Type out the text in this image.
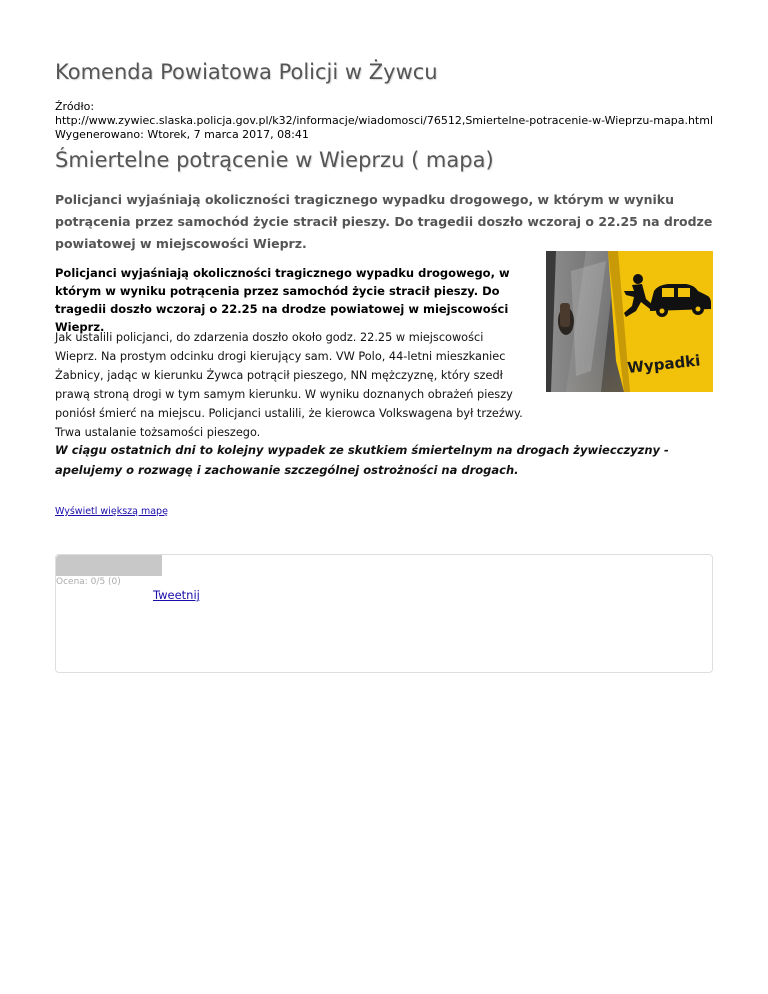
Komenda Powiatowa Policji w Żywcu
Źródło:
http://www.zywiec.slaska.policja.gov.pl/k32/informacje/wiadomosci/76512,Smiertelne-potracenie-w-Wieprzu-mapa.html
Wygenerowano: Wtorek, 7 marca 2017, 08:41
Śmiertelne potrącenie w Wieprzu ( mapa)
Policjanci wyjaśniają okoliczności tragicznego wypadku drogowego, w którym w wyniku potrącenia przez samochód życie stracił pieszy. Do tragedii doszło wczoraj o 22.25 na drodze powiatowej w miejscowości Wieprz.
Policjanci wyjaśniają okoliczności tragicznego wypadku drogowego, w którym w wyniku potrącenia przez samochód życie stracił pieszy. Do tragedii doszło wczoraj o 22.25 na drodze powiatowej w miejscowości Wieprz.
Wypadki
Jak ustalili policjanci, do zdarzenia doszło około godz. 22.25 w miejscowości Wieprz. Na prostym odcinku drogi kierujący sam. VW Polo, 44-letni mieszkaniec Żabnicy, jadąc w kierunku Żywca potrącił pieszego, NN mężczyznę, który szedł prawą stroną drogi w tym samym kierunku. W wyniku doznanych obrażeń pieszy poniósł śmierć na miejscu. Policjanci ustalili, że kierowca Volkswagena był trzeźwy. Trwa ustalanie tożsamości pieszego.
W ciągu ostatnich dni to kolejny wypadek ze skutkiem śmiertelnym na drogach żywiecczyzny - apelujemy o rozwagę i zachowanie szczególnej ostrożności na drogach.
Wyświetl większą mapę
Ocena: 0/5 (0)
Tweetnij
